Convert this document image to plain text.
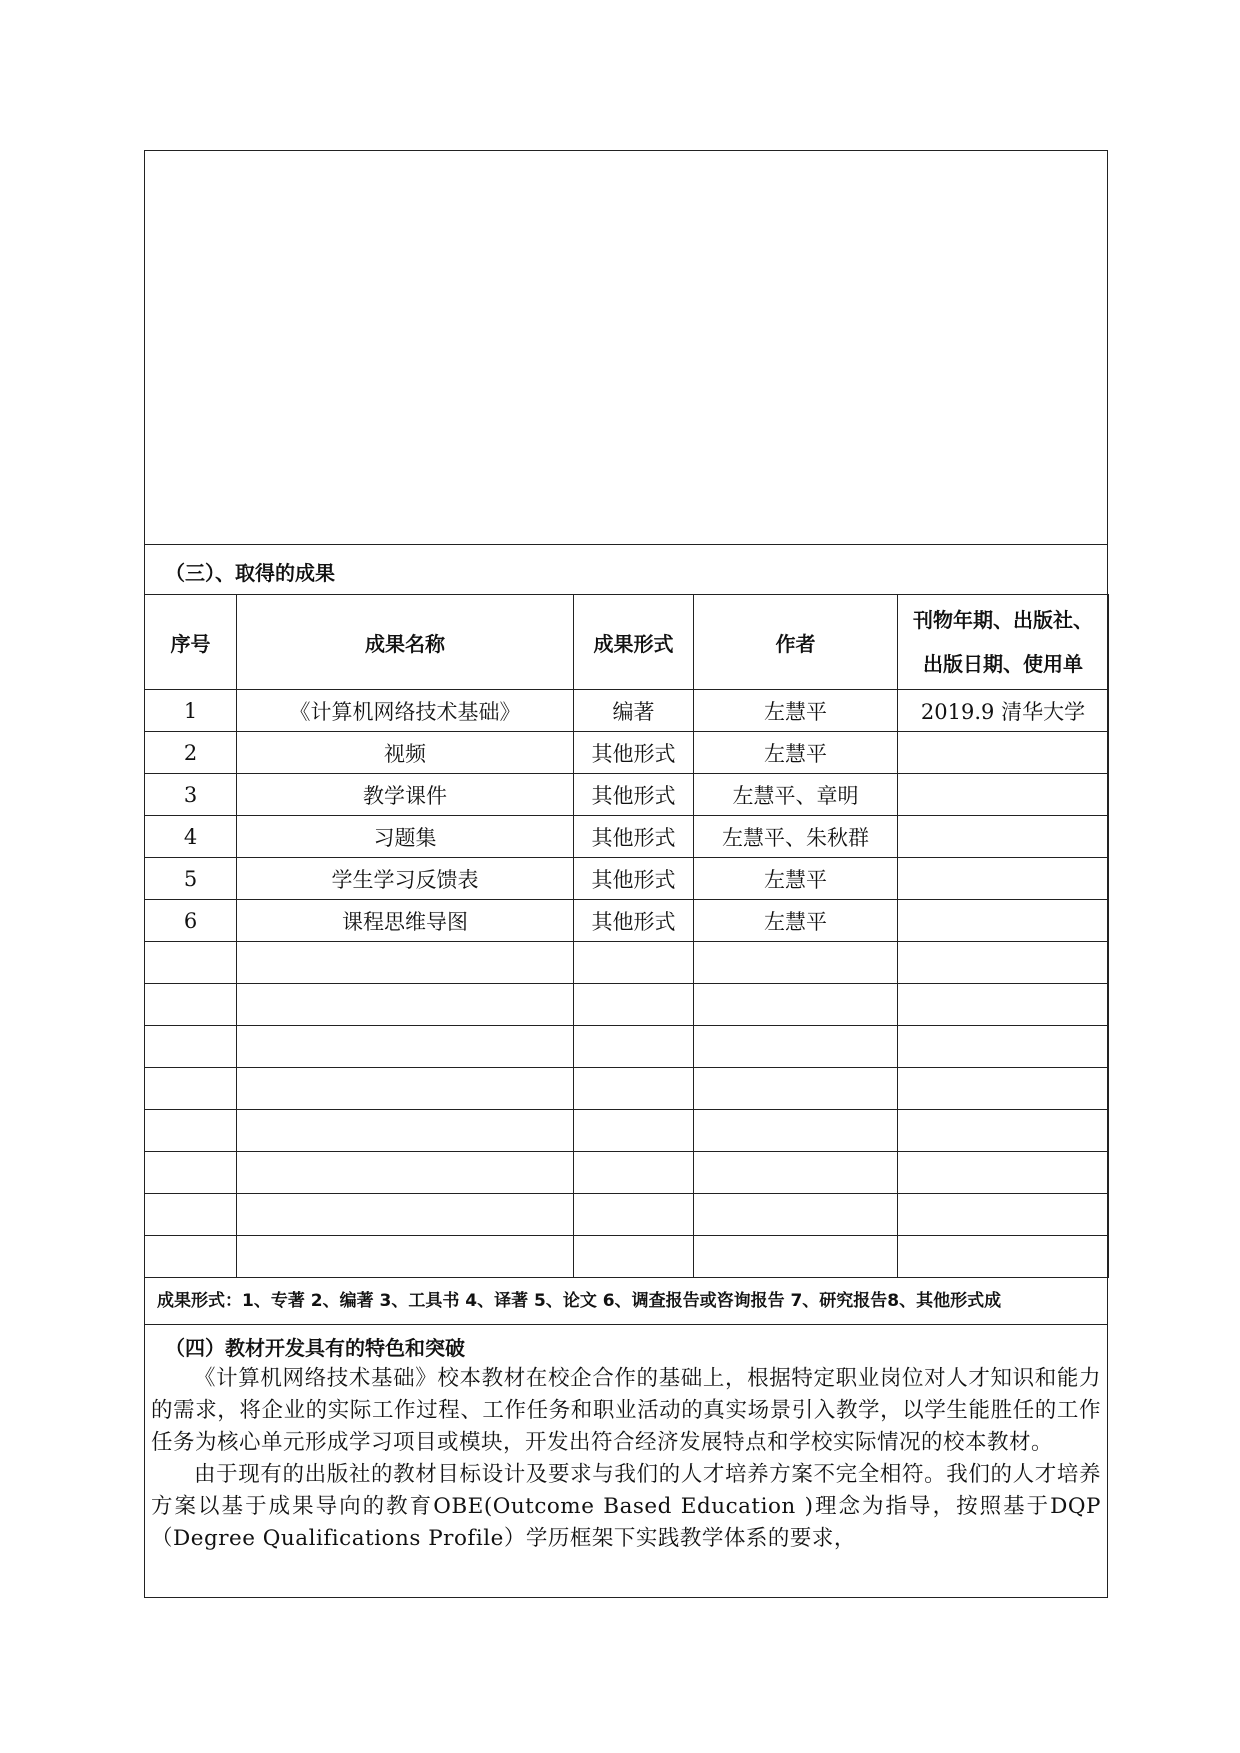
（三）、取得的成果
序号	成果名称	成果形式	作者	刊物年期、出版社、
出版日期、使用单

1	《计算机网络技术基础》	编著	左慧平	2019.9 清华大学
2	视频	其他形式	左慧平	
3	教学课件	其他形式	左慧平、章明	
4	习题集	其他形式	左慧平、朱秋群	
5	学生学习反馈表	其他形式	左慧平	
6	课程思维导图	其他形式	左慧平	

成果形式：1、专著 2、编著 3、工具书 4、译著 5、论文 6、调查报告或咨询报告 7、研究报告8、其他形式成
（四）教材开发具有的特色和突破

《计算机网络技术基础》校本教材在校企合作的基础上，根据特定职业岗位对人才知识和能力的需求，将企业的实际工作过程、工作任务和职业活动的真实场景引入教学，以学生能胜任的工作任务为核心单元形成学习项目或模块，开发出符合经济发展特点和学校实际情况的校本教材。

由于现有的出版社的教材目标设计及要求与我们的人才培养方案不完全相符。我们的人才培养方案以基于成果导向的教育OBE(Outcome Based Education )理念为指导，按照基于DQP（Degree Qualifications Profile）学历框架下实践教学体系的要求，
